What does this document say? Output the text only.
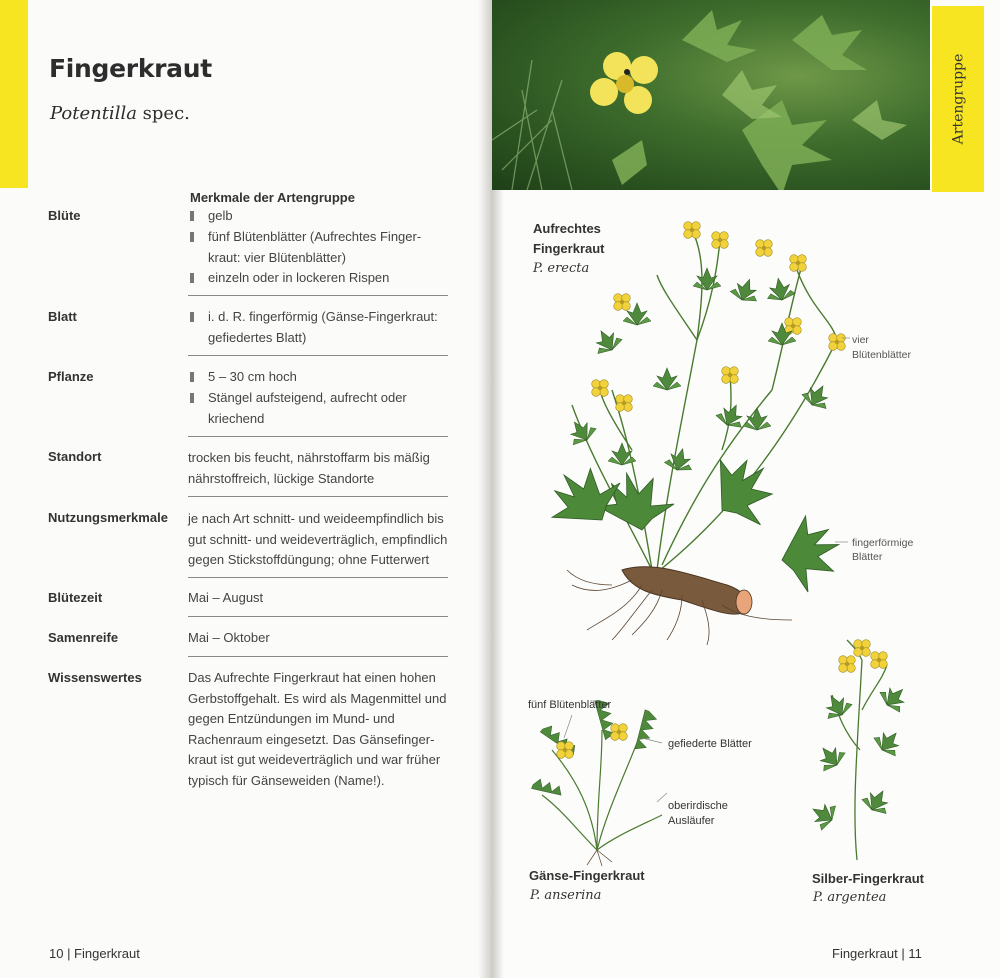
Fingerkraut
Potentilla spec.
Merkmale der Artengruppe
Blüte	gelb
fünf Blütenblätter (Aufrechtes Finger-kraut: vier Blütenblätter)
einzeln oder in lockeren Rispen
Blatt	i. d. R. fingerförmig (Gänse-Fingerkraut: gefiedertes Blatt)
Pflanze	5 – 30 cm hoch
Stängel aufsteigend, aufrecht oder kriechend
Standort	trocken bis feucht, nährstoffarm bis mäßig nährstoffreich, lückige Standorte
Nutzungsmerkmale je nach Art schnitt- und weideempfindlich bis gut schnitt- und weideverträglich, empfindlich gegen Stickstoffdüngung; ohne Futterwert
Blütezeit	Mai – August
Samenreife	Mai – Oktober
Wissenswertes	Das Aufrechte Fingerkraut hat einen hohen Gerbstoffgehalt. Es wird als Magenmittel und gegen Entzündungen im Mund- und Rachenraum eingesetzt. Das Gänsefinger-kraut ist gut weideverträglich und war früher typisch für Gänseweiden (Name!).
10 | Fingerkraut
Artengruppe
Aufrechtes
Fingerkraut
P. erecta
vier
Blütenblätter
fingerförmige
Blätter
fünf Blütenblätter
gefiederte Blätter
oberirdische
Ausläufer
Gänse-Fingerkraut
P. anserina
Silber-Fingerkraut
P. argentea
Fingerkraut | 11
